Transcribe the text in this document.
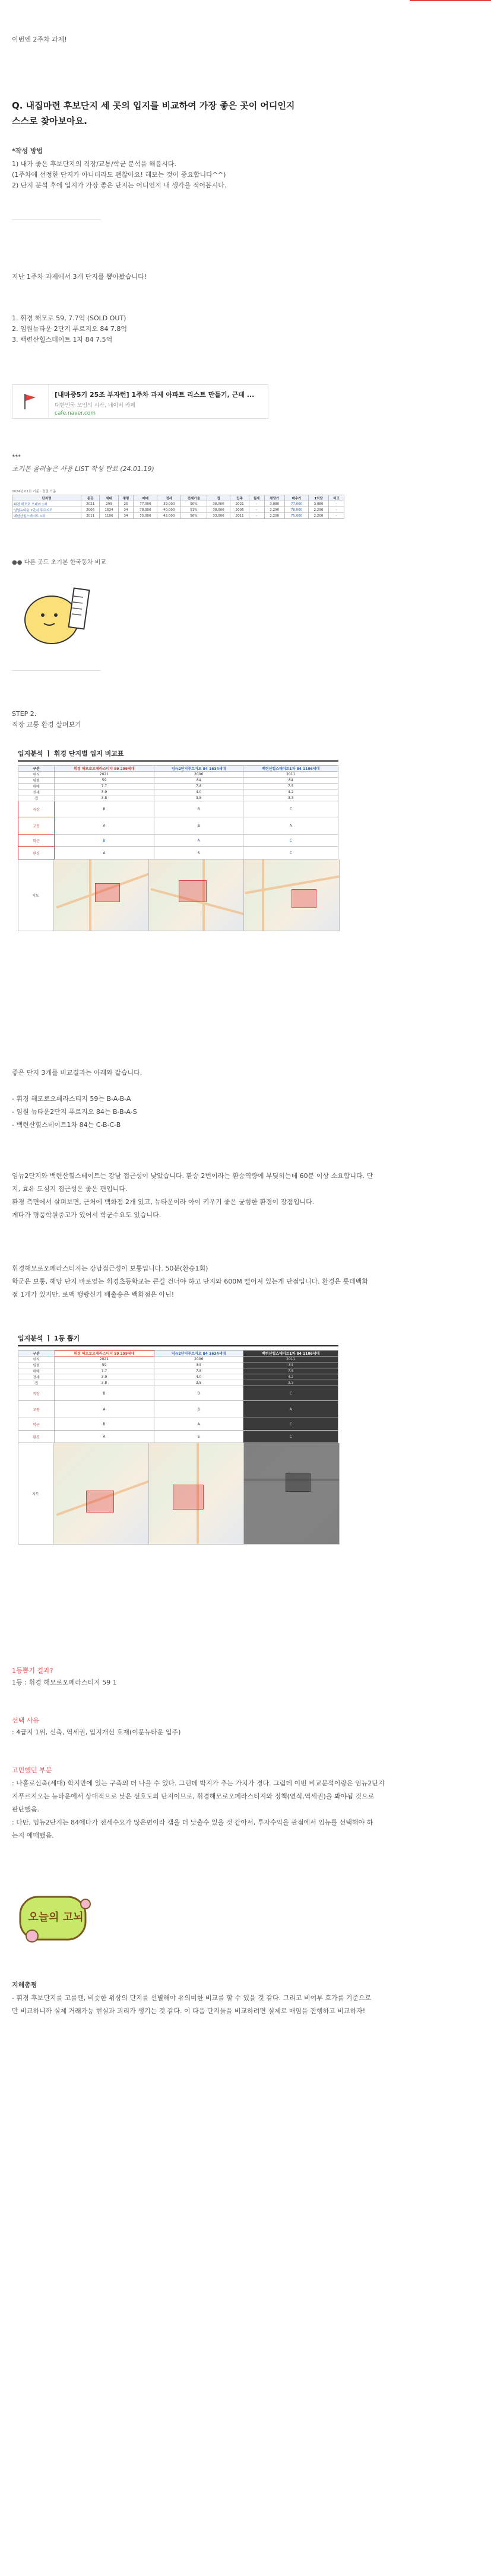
이번엔 2주차 과제!

Q. 내집마련 후보단지 세 곳의 입지를 비교하여 가장 좋은 곳이 어디인지

스스로 찾아보아요.

*작성 방법

1) 내가 좋은 후보단지의 직장/교통/학군 분석을 해봅시다.

(1주차에 선정한 단지가 아니더라도 괜찮아요! 해보는 것이 중요합니다^^)

2) 단지 분석 후에 입지가 가장 좋은 단지는 어디인지 내 생각을 적어봅시다.

지난 1주차 과제에서 3개 단지를 뽑아봤습니다!

1. 휘경 해모로 59, 7.7억 (SOLD OUT)

2. 임원뉴타운 2단지 푸르지오 84 7.8억

3. 백련산힐스테이트 1차 84 7.5억

[내마중5기 25조 부자런] 1주차 과제 아파트 리스트 만들기, 근데 ...
대한민국 모임의 시작, 네이버 카페
cafe.naver.com

***

초기본 올려놓은 사용 LIST 작성 탄료 (24.01.19)

2024년 01月 기준 · 정렬 기준
단지명	준공	세대	평형	매매	전세	전세가율	갭	입주	월세	평당가	매수가	1억당	비고
휘경 해모로 오페라 1차	2021	299	25	77,000	39,000	50%	38,000	2021	-	3,080	77,000	3,080	-
임원뉴타운 2단지 푸르지오	2006	1634	34	78,000	40,000	51%	38,000	2006	-	2,290	78,000	2,290	-
백련산힐스테이트 1차	2011	1106	34	75,000	42,000	56%	33,000	2011	-	2,200	75,000	2,200	-

●● 다른 곳도 초기본 한국동차 비교

STEP 2.

직장 교통 환경 살펴보기

입지분석 ㅣ 휘경 단지별 입지 비교표
구분	휘경 해모로오페라스티지 59 299세대	임뉴2단지푸르지오 84 1634세대	백련산힐스테이트1차 84 1106세대
연식	2021	2006	2011
평형	59	84	84
매매	7.7	7.8	7.5
전세	3.9	4.0	4.2
갭	3.8	3.8	3.3
직장	B	B	C
교통	A	B	A
학군	B	A	C
환경	A	S	C
지도

좋은 단지 3개를 비교결과는 아래와 같습니다.

- 휘경 해모로오페라스티지 59는 B-A-B-A

- 임원 뉴타운2단지 푸르지오 84는 B-B-A-S

- 백련산힐스테이트1차 84는 C-B-C-B

임뉴2단지와 백련산힐스테이트는 강남 접근성이 낮았습니다. 환승 2번이라는 환승역량에 부딪히는데 60분 이상 소요합니다. 단

지, 효유 도심지 접근성은 좋은 편입니다.

환경 측면에서 살펴보면, 근처에 백화점 2개 있고, 뉴타운이라 아이 키우기 좋은 균형한 환경이 장점입니다.

게다가 명품학원중고가 있어서 학군수요도 있습니다.

휘경해모로오페라스티지는 강남접근성이 보통입니다. 50분(환승1회)

학군은 보통, 해당 단지 바로옆는 휘경초등학교는 큰길 건너야 하고 단지와 600M 떨어져 있는게 단점입니다. 환경은 롯데백화

점 1개가 있지만, 로맥 행랑신기 배출송은 백화점은 아닌!

입지분석 ㅣ 1등 뽑기
구분	휘경 해모로오페라스티지 59 299세대	임뉴2단지푸르지오 84 1634세대	백련산힐스테이트1차 84 1106세대
연식	2021	2006	2011
평형	59	84	84
매매	7.7	7.8	7.5
전세	3.9	4.0	4.2
갭	3.8	3.8	3.3
직장	B	B	C
교통	A	B	A
학군	B	A	C
환경	A	S	C
지도

1등뽑기 결과?

1등 : 휘경 해모로오페라스티지 59 1

선택 사유

: 4급지 1위, 신축, 역세권, 입지개선 호재(이문뉴타운 입주)

고민했던 부분

: 나홀로신축(세대) 학지만에 있는 구축의 더 나을 수 있다. 그런데 박지가 추는 가치가 경다. 그럼데 이번 비교분석이랑은 임뉴2단지

지푸르지오는 뉴타운에서 상대적으로 낮은 선호도의 단지이므로, 휘경해모로오페라스티지와 정책(연식,역세권)을 봐야됨 것으로

판단했음.

: 다만, 임뉴2단지는 84에다가 전세수요가 많은편이라 갭을 더 낮출수 있을 것 같아서, 투자수익을 관점에서 임뉴를 선택해야 하

는지 애매했음.

오늘의 고뇌

지해총평

- 휘경 후보단지를 고를땐, 비슷한 위상의 단지를 선별해야 유의미한 비교를 할 수 있을 것 같다. 그리고 비여부 호가를 기준으로

만 비교하니까 실제 거래가능 현실과 괴리가 생기는 것 같다. 이 다음 단지들을 비교하려면 실제로 매임을 진행하고 비교하자!
